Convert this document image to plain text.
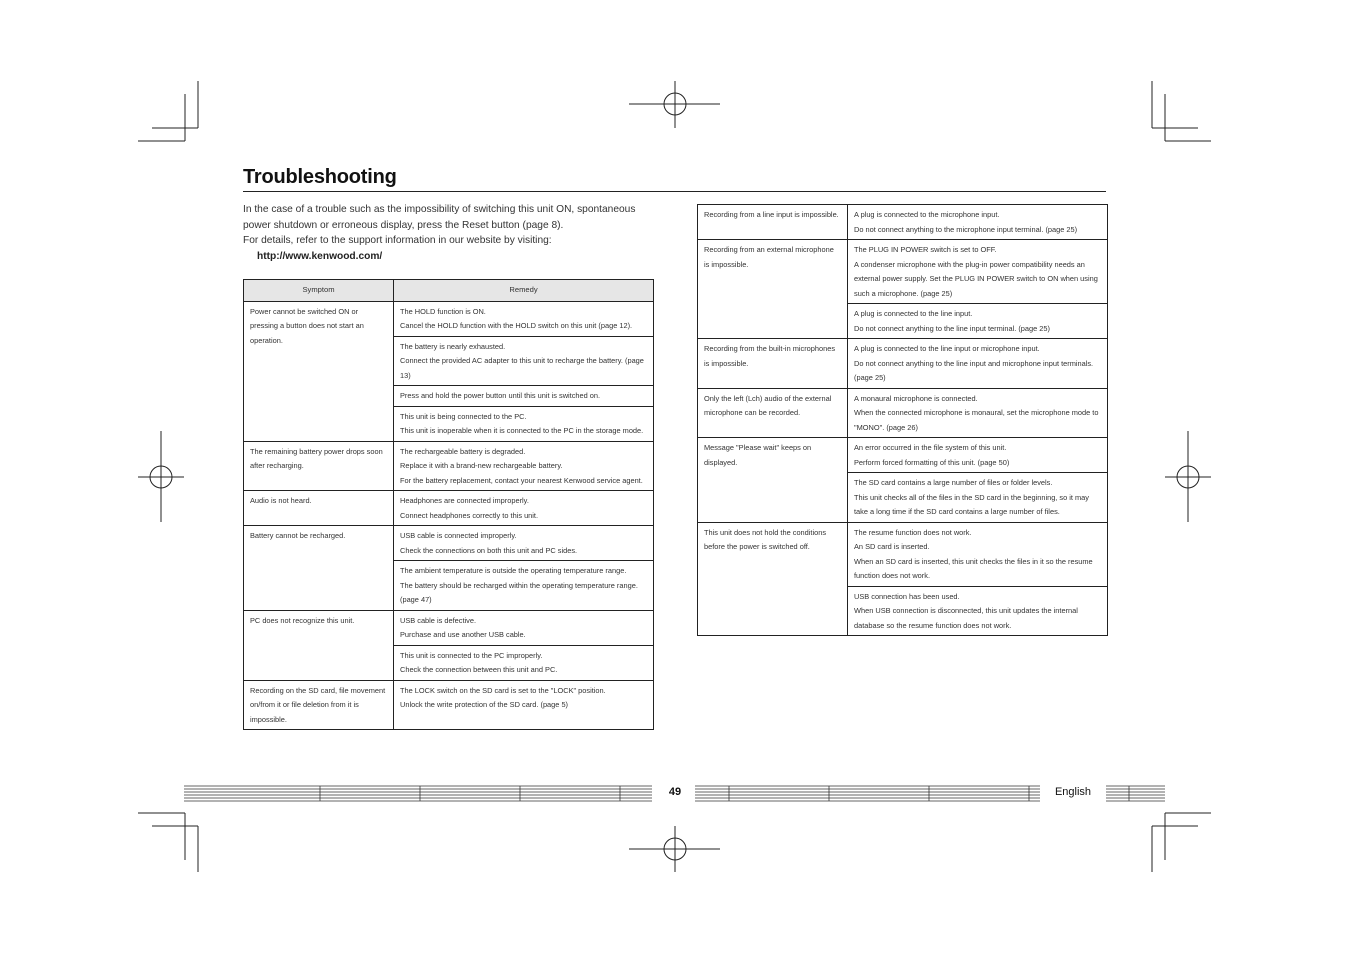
Troubleshooting

In the case of a trouble such as the impossibility of switching this unit ON, spontaneous power shutdown or erroneous display, press the Reset button (page 8).

For details, refer to the support information in our website by visiting:

http://www.kenwood.com/

Symptom	Remedy
Power cannot be switched ON or pressing a button does not start an operation.	The HOLD function is ON.
Cancel the HOLD function with the HOLD switch on this unit (page 12).

	The battery is nearly exhausted.
Connect the provided AC adapter to this unit to recharge the battery. (page 13)

	Press and hold the power button until this unit is switched on.

	This unit is being connected to the PC.
This unit is inoperable when it is connected to the PC in the storage mode.

The remaining battery power drops soon after recharging.	The rechargeable battery is degraded.
Replace it with a brand-new rechargeable battery.
For the battery replacement, contact your nearest Kenwood service agent.

Audio is not heard.	Headphones are connected improperly.
Connect headphones correctly to this unit.

Battery cannot be recharged.	USB cable is connected improperly.
Check the connections on both this unit and PC sides.

	The ambient temperature is outside the operating temperature range.
The battery should be recharged within the operating temperature range. (page 47)

PC does not recognize this unit.	USB cable is defective.
Purchase and use another USB cable.

	This unit is connected to the PC improperly.
Check the connection between this unit and PC.

Recording on the SD card, file movement on/from it or file deletion from it is impossible.	The LOCK switch on the SD card is set to the "LOCK" position.
Unlock the write protection of the SD card. (page 5)
Recording from a line input is impossible.	A plug is connected to the microphone input.
Do not connect anything to the microphone input terminal. (page 25)

Recording from an external microphone is impossible.	The PLUG IN POWER switch is set to OFF.
A condenser microphone with the plug-in power compatibility needs an external power supply. Set the PLUG IN POWER switch to ON when using such a microphone. (page 25)

	A plug is connected to the line input.
Do not connect anything to the line input terminal. (page 25)

Recording from the built-in microphones is impossible.	A plug is connected to the line input or microphone input.
Do not connect anything to the line input and microphone input terminals. (page 25)

Only the left (Lch) audio of the external microphone can be recorded.	A monaural microphone is connected.
When the connected microphone is monaural, set the microphone mode to "MONO". (page 26)

Message "Please wait" keeps on displayed.	An error occurred in the file system of this unit.
Perform forced formatting of this unit. (page 50)

	The SD card contains a large number of files or folder levels.
This unit checks all of the files in the SD card in the beginning, so it may take a long time if the SD card contains a large number of files.

This unit does not hold the conditions before the power is switched off.	The resume function does not work.
An SD card is inserted.
When an SD card is inserted, this unit checks the files in it so the resume function does not work.

	USB connection has been used.
When USB connection is disconnected, this unit updates the internal database so the resume function does not work.
49	English
